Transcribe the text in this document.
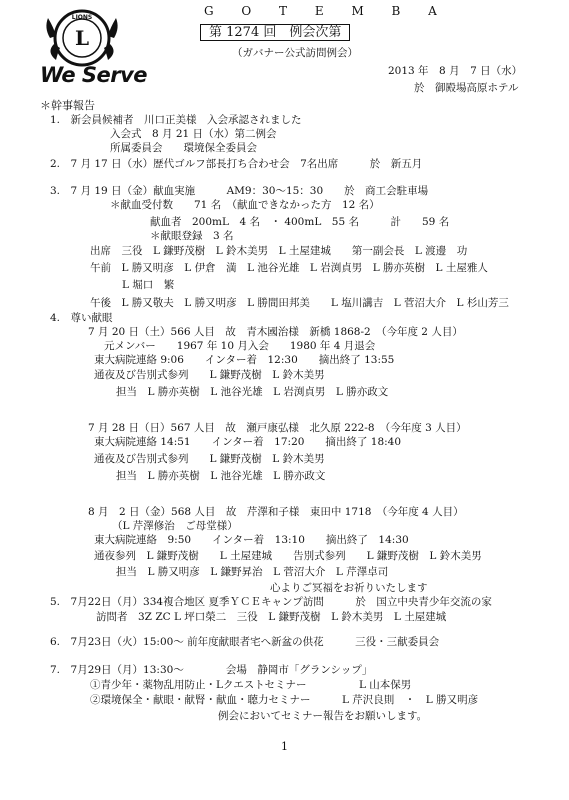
LIONS
L
We Serve
G O T E M B A
第 1274 回　例会次第
（ガバナー公式訪問例会）
2013 年　8 月　7 日（水）
於　御殿場高原ホテル
＊幹事報告
1.　新会員候補者　川口正美様　入会承認されました
入会式　8 月 21 日（水）第二例会
所属委員会　　環境保全委員会
2.　7 月 17 日（水）歴代ゴルフ部長打ち合わせ会　7名出席　　　於　新五月
3.　7 月 19 日（金）献血実施　　　AM9：30～15：30　　於　商工会駐車場
＊献血受付数　　71 名　（献血できなかった方　12 名）
献血者　200mL　4 名　・ 400mL　55 名　　　計　　59 名
＊献眼登録　3 名
出席　三役　L 鎌野茂樹　L 鈴木美男　L 土屋建城　　第一副会長　L 渡邊　功
午前　L 勝又明彦　L 伊倉　満　L 池谷光雄　L 岩渕貞男　L 勝亦英樹　L 土屋雅人
L 堀口　繁
午後　L 勝又敬夫　L 勝又明彦　L 勝間田邦美　　L 塩川講吉　L 菅沼大介　L 杉山芳三
4.　尊い献眼
7 月 20 日（土）566 人目　故　青木國治様　新橋 1868-2　（今年度 2 人目）
元メンバー　　1967 年 10 月入会　　1980 年 4 月退会
東大病院連絡 9:06　　インター着　12:30　　摘出終了 13:55
通夜及び告別式参列　　L 鎌野茂樹　L 鈴木美男
担当　L 勝亦英樹　L 池谷光雄　L 岩渕貞男　L 勝亦政文
7 月 28 日（日）567 人目　故　瀬戸康弘様　北久原 222-8　（今年度 3 人目）
東大病院連絡 14:51　　インター着　17:20　　摘出終了 18:40
通夜及び告別式参列　　L 鎌野茂樹　L 鈴木美男
担当　L 勝亦英樹　L 池谷光雄　L 勝亦政文
8 月　2 日（金）568 人目　故　芹澤和子様　東田中 1718　（今年度 4 人目）
（L 芹澤修治　ご母堂様）
東大病院連絡　9:50　　インター着　13:10　　摘出終了　14:30
通夜参列　L 鎌野茂樹　　L 土屋建城　　告別式参列　　L 鎌野茂樹　L 鈴木美男
担当　L 勝又明彦　L 鎌野昇治　L 菅沼大介　L 芹澤卓司
心よりご冥福をお祈りいたします
5.　7月22日（月）334複合地区 夏季ＹＣＥキャンプ訪問　　　於　国立中央青少年交流の家
訪問者　3Z ZC L 坪口榮二　三役　L 鎌野茂樹　L 鈴木美男　L 土屋建城
6.　7月23日（火）15:00～ 前年度献眼者宅へ新盆の供花　　　三役・三献委員会
7.　7月29日（月）13:30～　　　　会場　静岡市「グランシップ」
①青少年・薬物乱用防止・Lクエストセミナー　　　　　L 山本保男
②環境保全・献眼・献腎・献血・聴力セミナー　　　L 芹沢良則　・　L 勝又明彦
例会においてセミナー報告をお願いします。
1
